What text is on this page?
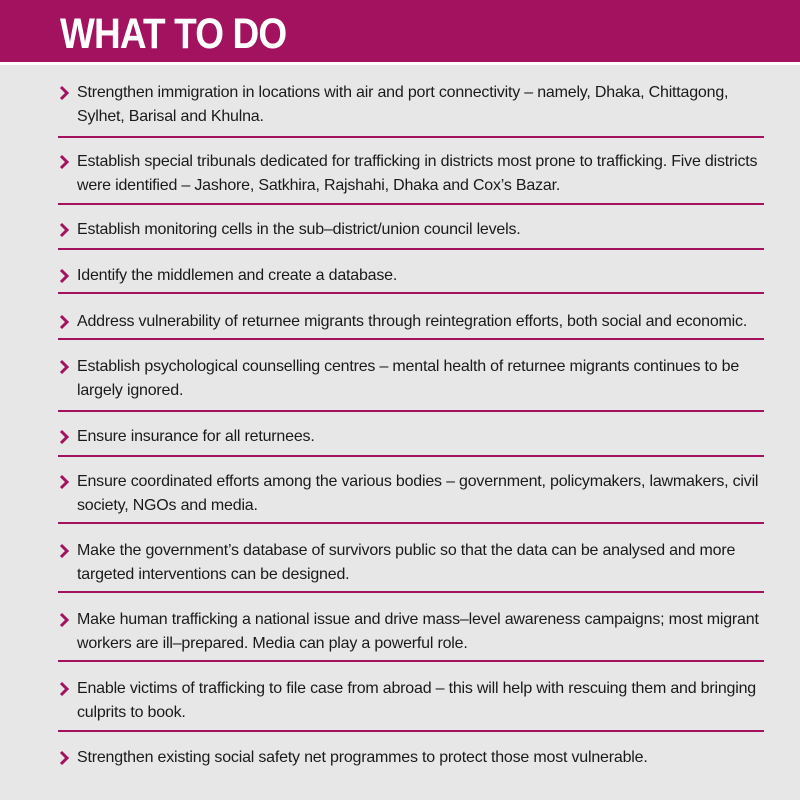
WHAT TO DO
Strengthen immigration in locations with air and port connectivity – namely, Dhaka, Chittagong, Sylhet, Barisal and Khulna.
Establish special tribunals dedicated for trafficking in districts most prone to trafficking. Five districts were identified – Jashore, Satkhira, Rajshahi, Dhaka and Cox’s Bazar.
Establish monitoring cells in the sub–district/union council levels.
Identify the middlemen and create a database.
Address vulnerability of returnee migrants through reintegration efforts, both social and economic.
Establish psychological counselling centres – mental health of returnee migrants continues to be largely ignored.
Ensure insurance for all returnees.
Ensure coordinated efforts among the various bodies – government, policymakers, lawmakers, civil society, NGOs and media.
Make the government’s database of survivors public so that the data can be analysed and more targeted interventions can be designed.
Make human trafficking a national issue and drive mass–level awareness campaigns; most migrant workers are ill–prepared. Media can play a powerful role.
Enable victims of trafficking to file case from abroad – this will help with rescuing them and bringing culprits to book.
Strengthen existing social safety net programmes to protect those most vulnerable.
